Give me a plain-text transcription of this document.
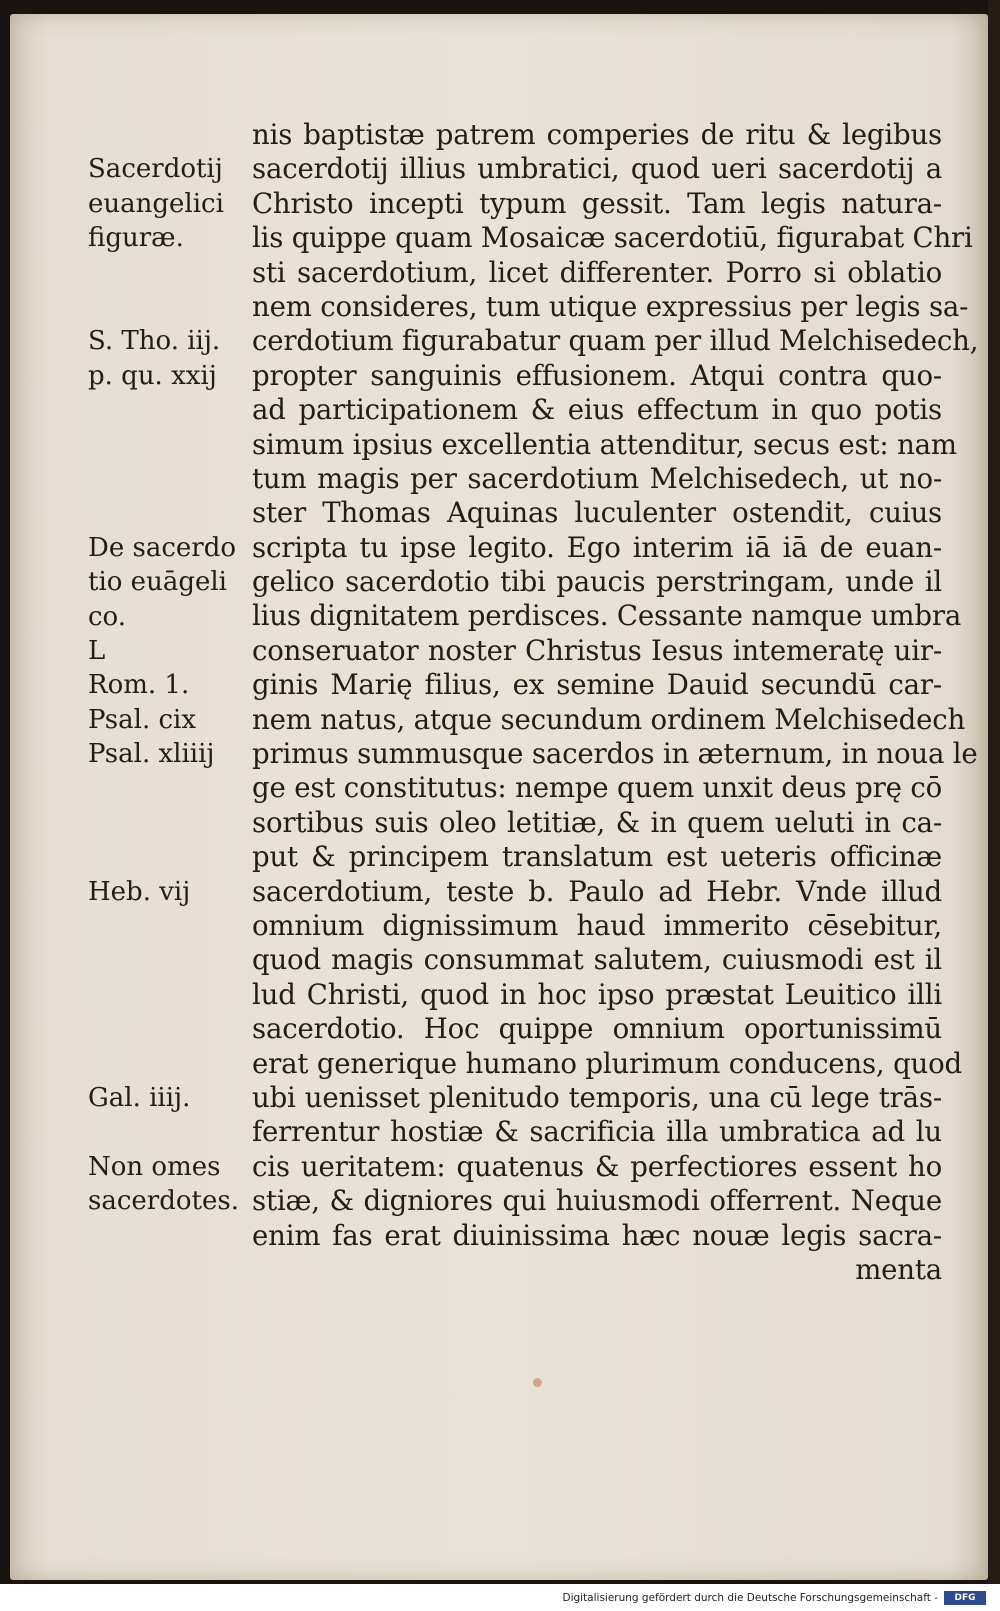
Sacerdotij
euangelici
figuræ.
S. Tho. iij.
p. qu. xxij
De sacerdo
tio euāgeli
co.
L
Rom. 1.
Psal. cix
Psal. xliiij
Heb. vij
Gal. iiij.
Non omes
sacerdotes.
nis baptistæ patrem comperies de ritu & legibus
sacerdotij illius umbratici, quod ueri sacerdotij a
Christo incepti typum gessit. Tam legis natura-
lis quippe quam Mosaicæ sacerdotiū, figurabat Chri
sti sacerdotium, licet differenter. Porro si oblatio
nem consideres, tum utique expressius per legis sa-
cerdotium figurabatur quam per illud Melchisedech,
propter sanguinis effusionem. Atqui contra quo-
ad participationem & eius effectum in quo potis
simum ipsius excellentia attenditur, secus est: nam
tum magis per sacerdotium Melchisedech, ut no-
ster Thomas Aquinas luculenter ostendit, cuius
scripta tu ipse legito. Ego interim iā iā de euan-
gelico sacerdotio tibi paucis perstringam, unde il
lius dignitatem perdisces. Cessante namque umbra
conseruator noster Christus Iesus intemeratę uir-
ginis Marię filius, ex semine Dauid secundū car-
nem natus, atque secundum ordinem Melchisedech
primus summusque sacerdos in æternum, in noua le
ge est constitutus: nempe quem unxit deus prę cō
sortibus suis oleo letitiæ, & in quem ueluti in ca-
put & principem translatum est ueteris officinæ
sacerdotium, teste b. Paulo ad Hebr. Vnde illud
omnium dignissimum haud immerito cēsebitur,
quod magis consummat salutem, cuiusmodi est il
lud Christi, quod in hoc ipso præstat Leuitico illi
sacerdotio. Hoc quippe omnium oportunissimū
erat generique humano plurimum conducens, quod
ubi uenisset plenitudo temporis, una cū lege trās-
ferrentur hostiæ & sacrificia illa umbratica ad lu
cis ueritatem: quatenus & perfectiores essent ho
stiæ, & digniores qui huiusmodi offerrent. Neque
enim fas erat diuinissima hæc nouæ legis sacra-
menta
Digitalisierung gefördert durch die Deutsche Forschungsgemeinschaft -	DFG
